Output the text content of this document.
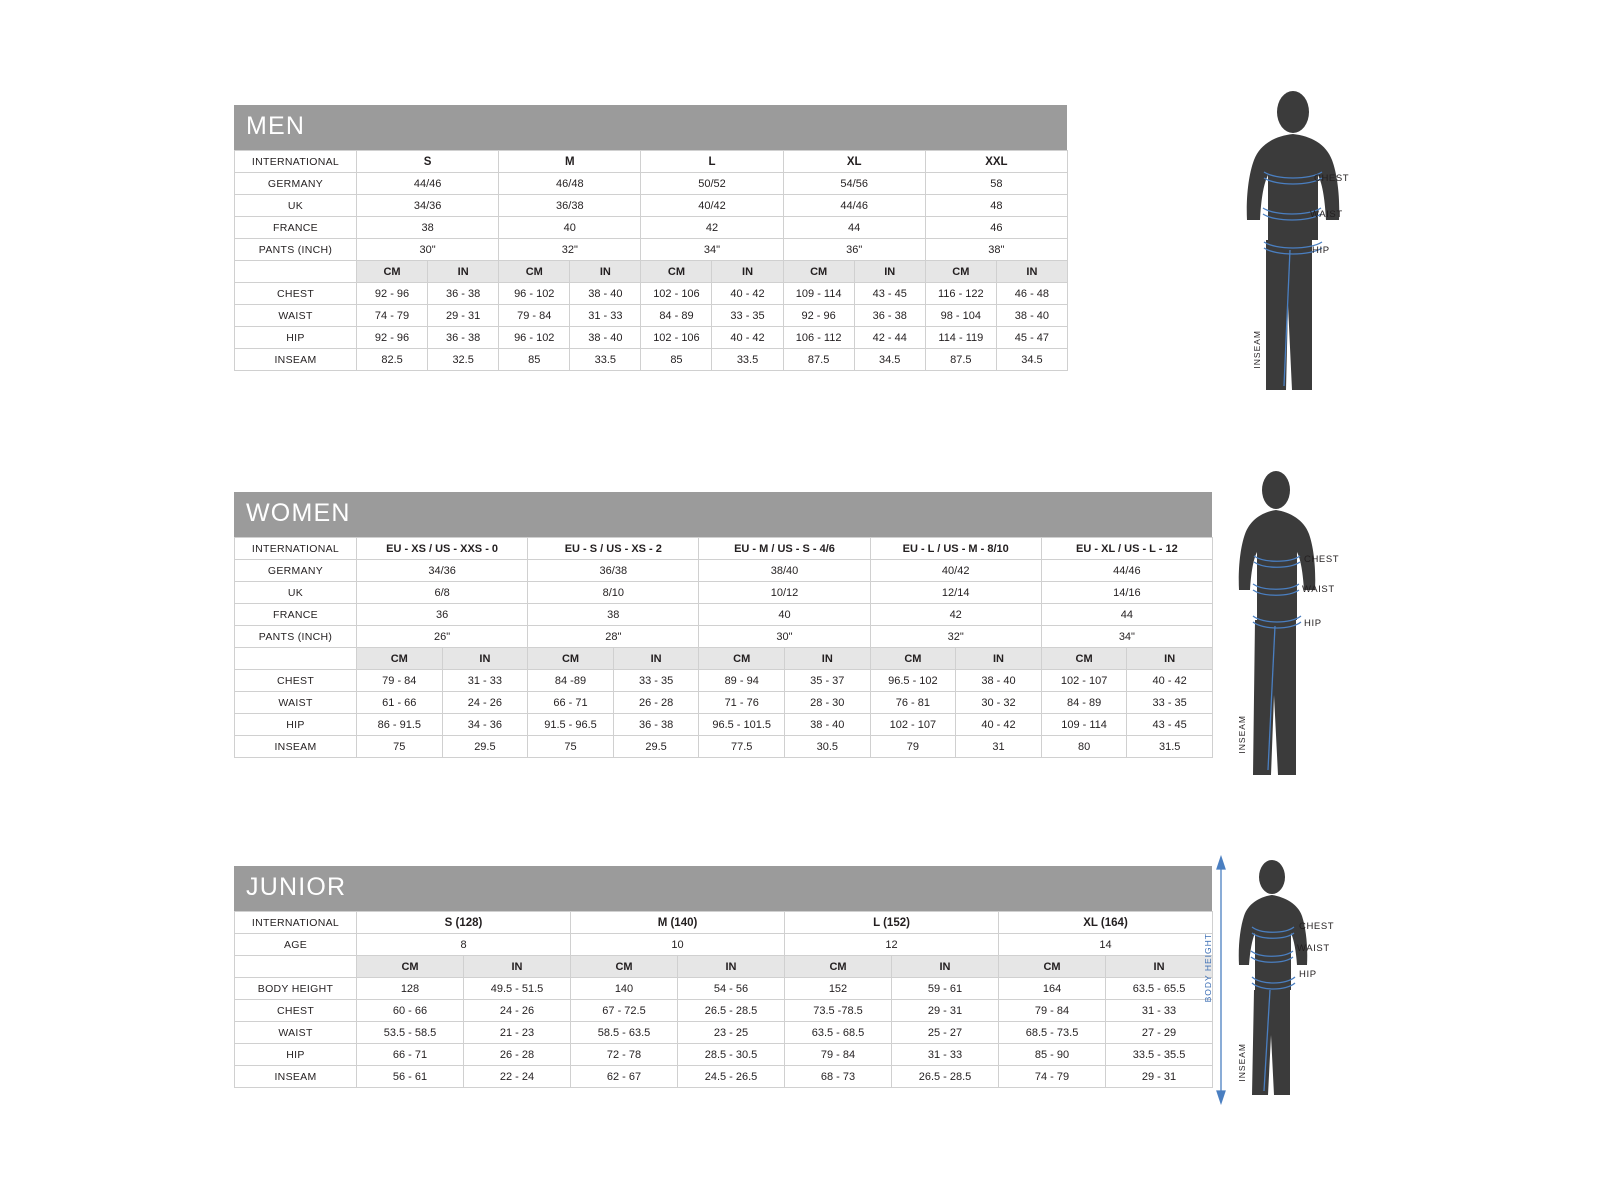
MEN
INTERNATIONAL	S		M		L		XL		XXL	
GERMANY	44/46		46/48		50/52		54/56		58	
UK	34/36		36/38		40/42		44/46		48	
FRANCE	38		40		42		44		46	
PANTS (INCH)	30"		32"		34"		36"		38"	
	CM	IN	CM	IN	CM	IN	CM	IN	CM	IN
CHEST	92 - 96	36 - 38	96 - 102	38 - 40	102 - 106	40 - 42	109 - 114	43 - 45	116 - 122	46 - 48
WAIST	74 - 79	29 - 31	79 - 84	31 - 33	84 - 89	33 - 35	92 - 96	36 - 38	98 - 104	38 - 40
HIP	92 - 96	36 - 38	96 - 102	38 - 40	102 - 106	40 - 42	106 - 112	42 - 44	114 - 119	45 - 47
INSEAM	82.5	32.5	85	33.5	85	33.5	87.5	34.5	87.5	34.5
CHEST
WAIST
HIP
INSEAM
WOMEN
INTERNATIONAL	EU - XS / US - XXS - 0		EU - S / US - XS - 2		EU - M / US - S - 4/6		EU - L / US - M - 8/10		EU - XL / US - L - 12	
GERMANY	34/36		36/38		38/40		40/42		44/46	
UK	6/8		8/10		10/12		12/14		14/16	
FRANCE	36		38		40		42		44	
PANTS (INCH)	26"		28"		30"		32"		34"	
	CM	IN	CM	IN	CM	IN	CM	IN	CM	IN
CHEST	79 - 84	31 - 33	84 -89	33 - 35	89 - 94	35 - 37	96.5 - 102	38 - 40	102 - 107	40 - 42
WAIST	61 - 66	24 - 26	66 - 71	26 - 28	71 - 76	28 - 30	76 - 81	30 - 32	84 - 89	33 - 35
HIP	86 - 91.5	34 - 36	91.5 - 96.5	36 - 38	96.5 - 101.5	38 - 40	102 - 107	40 - 42	109 - 114	43 - 45
INSEAM	75	29.5	75	29.5	77.5	30.5	79	31	80	31.5
CHEST
WAIST
HIP
INSEAM
JUNIOR
INTERNATIONAL	S (128)		M (140)		L (152)		XL (164)	
AGE	8		10		12		14	
	CM	IN	CM	IN	CM	IN	CM	IN
BODY HEIGHT	128	49.5 - 51.5	140	54 - 56	152	59 - 61	164	63.5 - 65.5
CHEST	60 - 66	24 - 26	67 - 72.5	26.5 - 28.5	73.5 -78.5	29 - 31	79 - 84	31 - 33
WAIST	53.5 - 58.5	21 - 23	58.5 - 63.5	23 - 25	63.5 - 68.5	25 - 27	68.5 - 73.5	27 - 29
HIP	66 - 71	26 - 28	72 - 78	28.5 - 30.5	79 - 84	31 - 33	85 - 90	33.5 - 35.5
INSEAM	56 - 61	22 - 24	62 - 67	24.5 - 26.5	68 - 73	26.5 - 28.5	74 - 79	29 - 31
CHEST
WAIST
HIP
BODY HEIGHT
INSEAM
